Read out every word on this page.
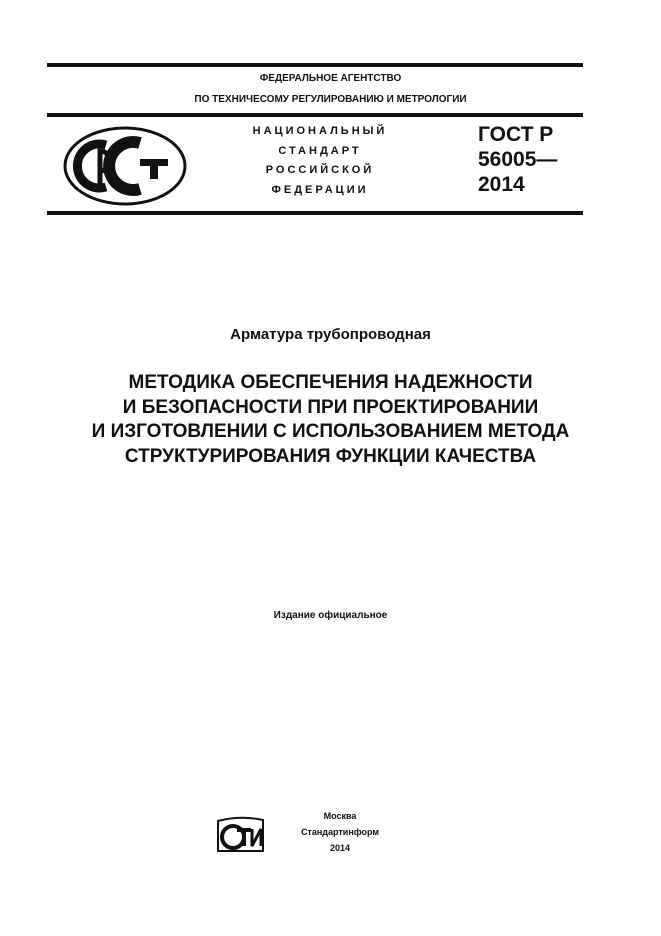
ФЕДЕРАЛЬНОЕ АГЕНТСТВО
ПО ТЕХНИЧЕСОМУ РЕГУЛИРОВАНИЮ И МЕТРОЛОГИИ
НАЦИОНАЛЬНЫЙ
СТАНДАРТ
РОССИЙСКОЙ
ФЕДЕРАЦИИ
ГОСТ Р
56005—
2014
Арматура трубопроводная
МЕТОДИКА ОБЕСПЕЧЕНИЯ НАДЕЖНОСТИ
И БЕЗОПАСНОСТИ ПРИ ПРОЕКТИРОВАНИИ
И ИЗГОТОВЛЕНИИ С ИСПОЛЬЗОВАНИЕМ МЕТОДА
СТРУКТУРИРОВАНИЯ ФУНКЦИИ КАЧЕСТВА
Издание официальное
Москва
Стандартинформ
2014
